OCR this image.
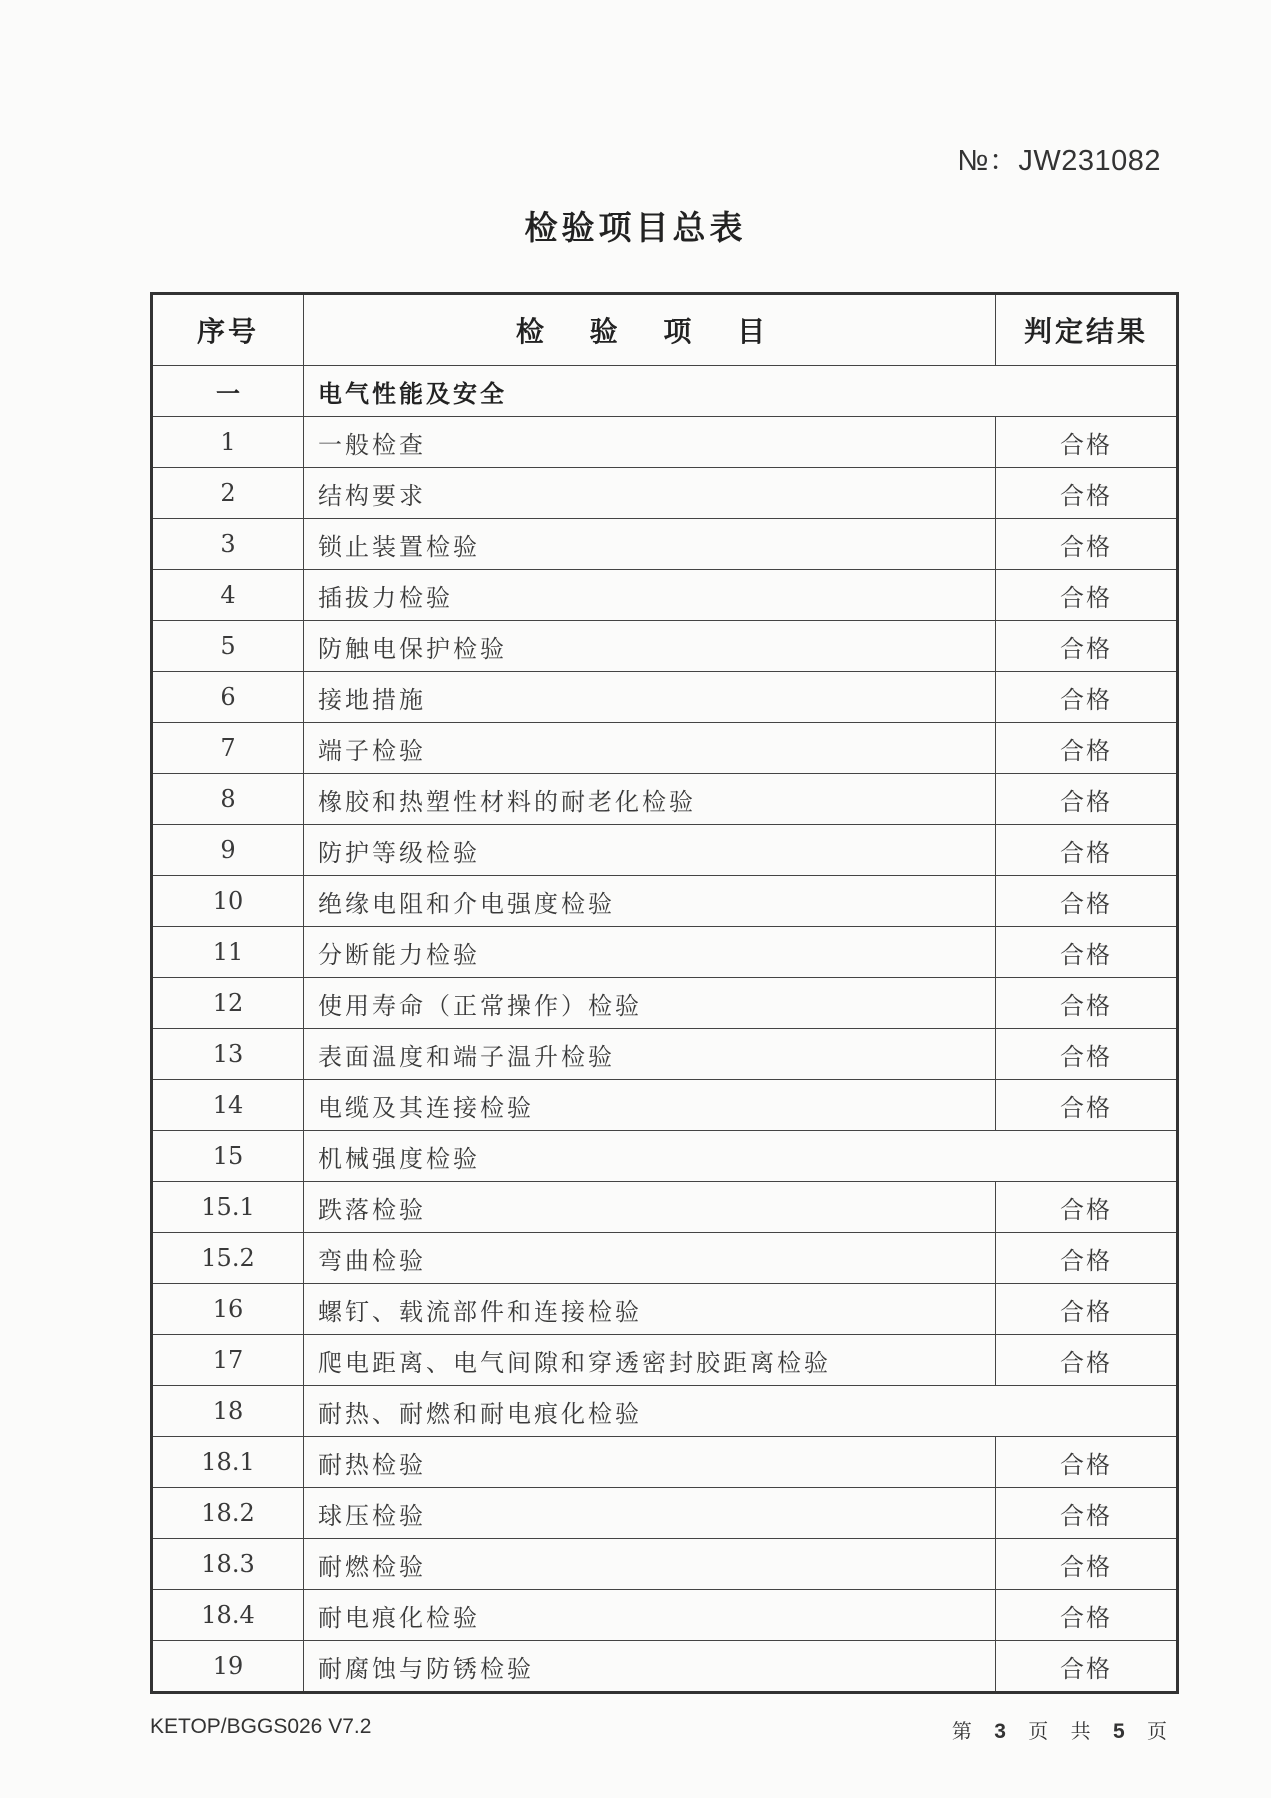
№：JW231082
检验项目总表
序号	检 验 项 目	判定结果
一	电气性能及安全	
1	一般检查	合格
2	结构要求	合格
3	锁止装置检验	合格
4	插拔力检验	合格
5	防触电保护检验	合格
6	接地措施	合格
7	端子检验	合格
8	橡胶和热塑性材料的耐老化检验	合格
9	防护等级检验	合格
10	绝缘电阻和介电强度检验	合格
11	分断能力检验	合格
12	使用寿命（正常操作）检验	合格
13	表面温度和端子温升检验	合格
14	电缆及其连接检验	合格
15	机械强度检验	
15.1	跌落检验	合格
15.2	弯曲检验	合格
16	螺钉、载流部件和连接检验	合格
17	爬电距离、电气间隙和穿透密封胶距离检验	合格
18	耐热、耐燃和耐电痕化检验	
18.1	耐热检验	合格
18.2	球压检验	合格
18.3	耐燃检验	合格
18.4	耐电痕化检验	合格
19	耐腐蚀与防锈检验	合格
KETOP/BGGS026 V7.2	第 3 页 共 5 页
